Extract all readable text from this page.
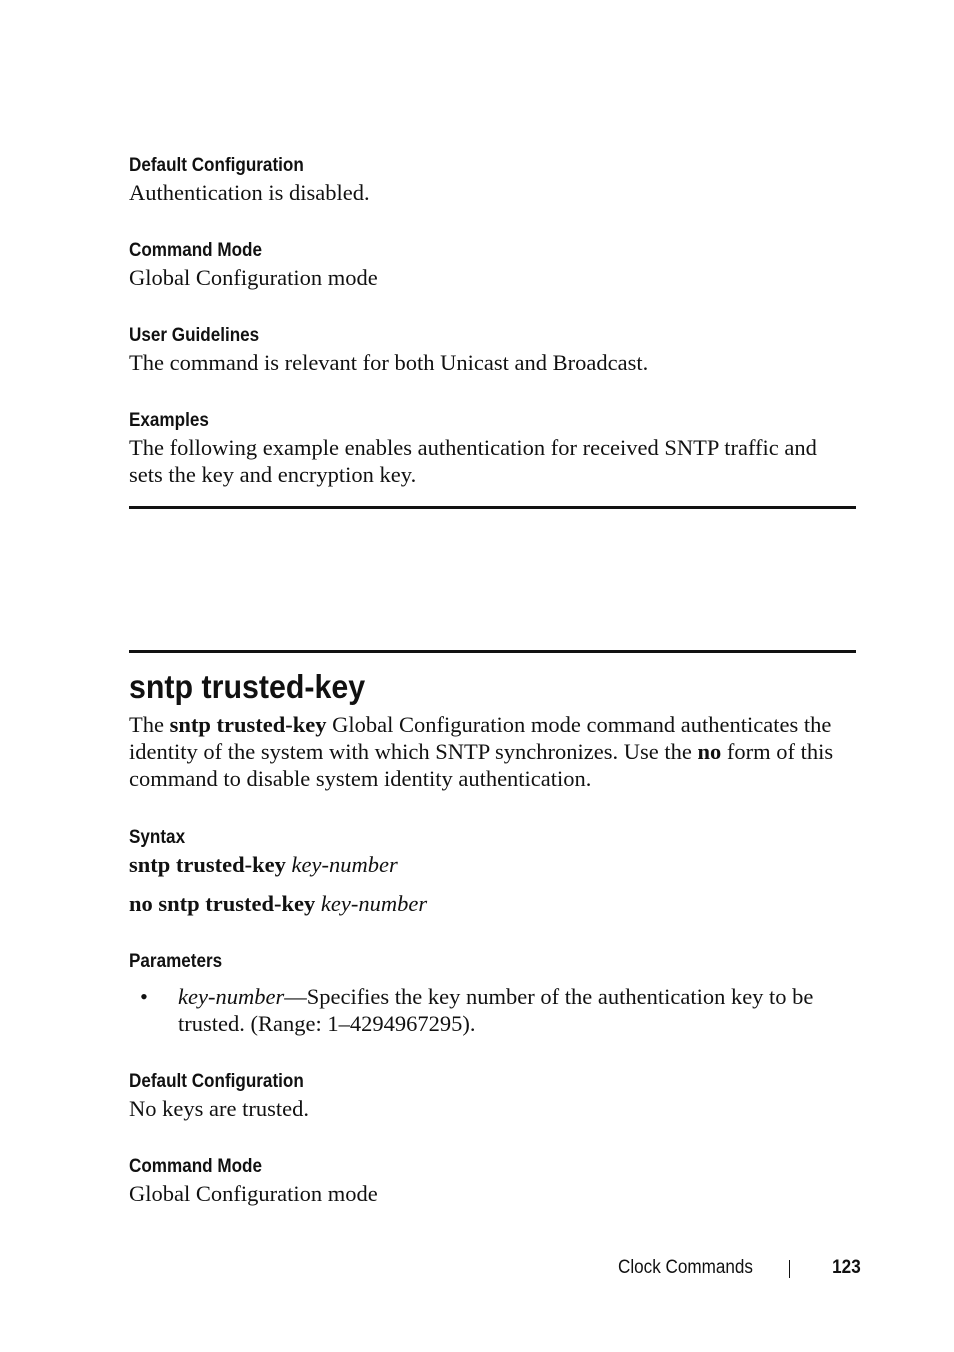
Default Configuration

Authentication is disabled.

Command Mode

Global Configuration mode

User Guidelines

The command is relevant for both Unicast and Broadcast.

Examples

The following example enables authentication for received SNTP traffic and sets the key and encryption key.

sntp trusted-key

The sntp trusted-key Global Configuration mode command authenticates the identity of the system with which SNTP synchronizes. Use the no form of this command to disable system identity authentication.

Syntax

sntp trusted-key key-number

no sntp trusted-key key-number

Parameters

• key-number—Specifies the key number of the authentication key to be trusted. (Range: 1–4294967295).

Default Configuration

No keys are trusted.

Command Mode

Global Configuration mode

Clock Commands	123
